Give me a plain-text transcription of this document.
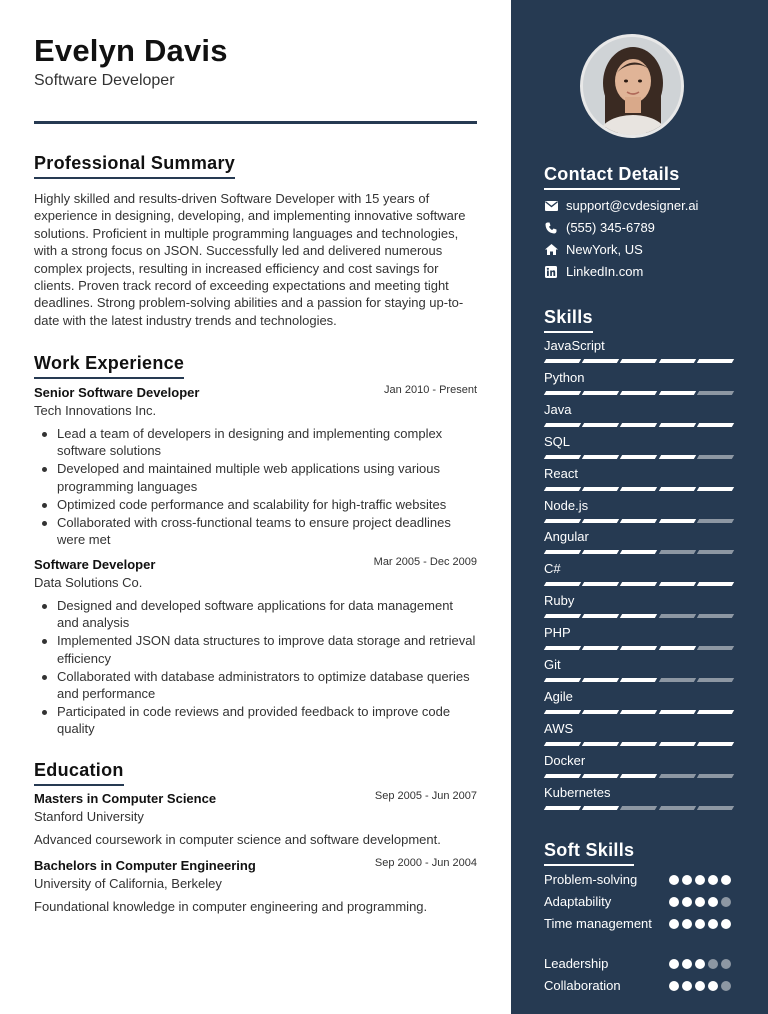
Evelyn Davis
Software Developer
Professional Summary
Highly skilled and results-driven Software Developer with 15 years of experience in designing, developing, and implementing innovative software solutions. Proficient in multiple programming languages and technologies, with a strong focus on JSON. Successfully led and delivered numerous complex projects, resulting in increased efficiency and cost savings for clients. Proven track record of exceeding expectations and meeting tight deadlines. Strong problem-solving abilities and a passion for staying up-to-date with the latest industry trends and technologies.
Work Experience
Senior Software Developer	Jan 2010 - Present
Tech Innovations Inc.
Lead a team of developers in designing and implementing complex software solutions
Developed and maintained multiple web applications using various programming languages
Optimized code performance and scalability for high-traffic websites
Collaborated with cross-functional teams to ensure project deadlines were met
Software Developer	Mar 2005 - Dec 2009
Data Solutions Co.
Designed and developed software applications for data management and analysis
Implemented JSON data structures to improve data storage and retrieval efficiency
Collaborated with database administrators to optimize database queries and performance
Participated in code reviews and provided feedback to improve code quality
Education
Masters in Computer Science	Sep 2005 - Jun 2007
Stanford University
Advanced coursework in computer science and software development.
Bachelors in Computer Engineering	Sep 2000 - Jun 2004
University of California, Berkeley
Foundational knowledge in computer engineering and programming.
Contact Details
support@cvdesigner.ai
(555) 345-6789
NewYork, US
LinkedIn.com
Skills
JavaScript
Python
Java
SQL
React
Node.js
Angular
C#
Ruby
PHP
Git
Agile
AWS
Docker
Kubernetes
Soft Skills
Problem-solving
Adaptability
Time management
Leadership
Collaboration
